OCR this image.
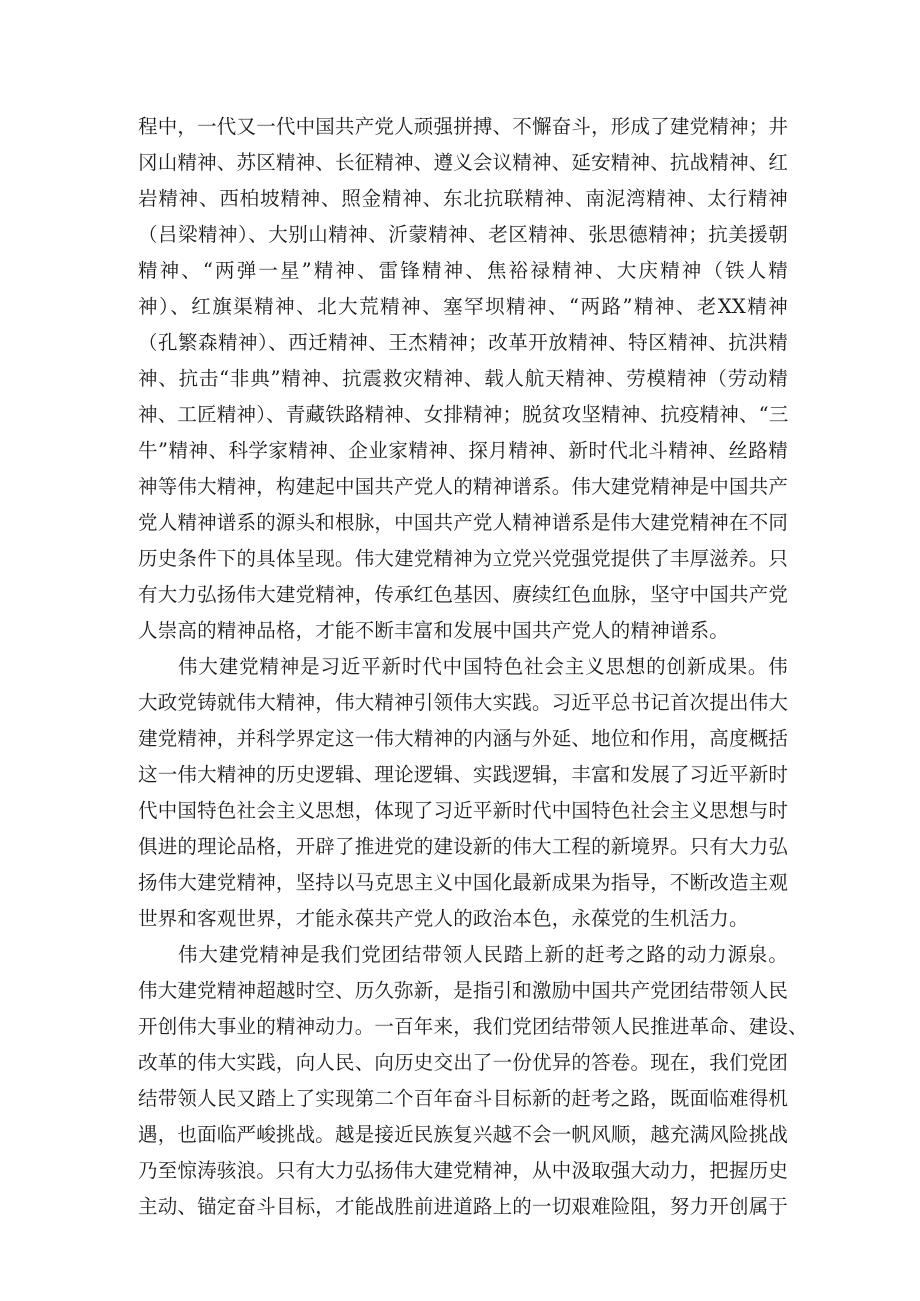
程中，一代又一代中国共产党人顽强拼搏、不懈奋斗，形成了建党精神；井
冈山精神、苏区精神、长征精神、遵义会议精神、延安精神、抗战精神、红
岩精神、西柏坡精神、照金精神、东北抗联精神、南泥湾精神、太行精神
（吕梁精神）、大别山精神、沂蒙精神、老区精神、张思德精神；抗美援朝
精神、“两弹一星”精神、雷锋精神、焦裕禄精神、大庆精神（铁人精
神）、红旗渠精神、北大荒精神、塞罕坝精神、“两路”精神、老XX精神
（孔繁森精神）、西迁精神、王杰精神；改革开放精神、特区精神、抗洪精
神、抗击“非典”精神、抗震救灾精神、载人航天精神、劳模精神（劳动精
神、工匠精神）、青藏铁路精神、女排精神；脱贫攻坚精神、抗疫精神、“三
牛”精神、科学家精神、企业家精神、探月精神、新时代北斗精神、丝路精
神等伟大精神，构建起中国共产党人的精神谱系。伟大建党精神是中国共产
党人精神谱系的源头和根脉，中国共产党人精神谱系是伟大建党精神在不同
历史条件下的具体呈现。伟大建党精神为立党兴党强党提供了丰厚滋养。只
有大力弘扬伟大建党精神，传承红色基因、赓续红色血脉，坚守中国共产党
人崇高的精神品格，才能不断丰富和发展中国共产党人的精神谱系。
伟大建党精神是习近平新时代中国特色社会主义思想的创新成果。伟
大政党铸就伟大精神，伟大精神引领伟大实践。习近平总书记首次提出伟大
建党精神，并科学界定这一伟大精神的内涵与外延、地位和作用，高度概括
这一伟大精神的历史逻辑、理论逻辑、实践逻辑，丰富和发展了习近平新时
代中国特色社会主义思想，体现了习近平新时代中国特色社会主义思想与时
俱进的理论品格，开辟了推进党的建设新的伟大工程的新境界。只有大力弘
扬伟大建党精神，坚持以马克思主义中国化最新成果为指导，不断改造主观
世界和客观世界，才能永葆共产党人的政治本色，永葆党的生机活力。
伟大建党精神是我们党团结带领人民踏上新的赶考之路的动力源泉。
伟大建党精神超越时空、历久弥新，是指引和激励中国共产党团结带领人民
开创伟大事业的精神动力。一百年来，我们党团结带领人民推进革命、建设、
改革的伟大实践，向人民、向历史交出了一份优异的答卷。现在，我们党团
结带领人民又踏上了实现第二个百年奋斗目标新的赶考之路，既面临难得机
遇，也面临严峻挑战。越是接近民族复兴越不会一帆风顺，越充满风险挑战
乃至惊涛骇浪。只有大力弘扬伟大建党精神，从中汲取强大动力，把握历史
主动、锚定奋斗目标，才能战胜前进道路上的一切艰难险阻，努力开创属于
